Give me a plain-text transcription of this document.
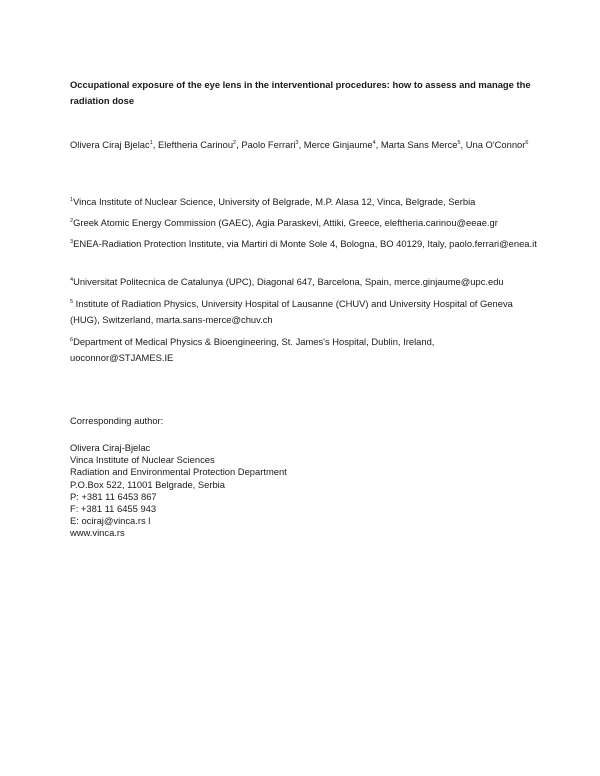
Occupational exposure of the eye lens in the interventional procedures: how to assess and manage the radiation dose
Olivera Ciraj Bjelac$^1$, Eleftheria Carinou$^2$, Paolo Ferrari$^3$, Merce Ginjaume$^4$, Marta Sans Merce$^5$, Una O'Connor$^6$
$^1$Vinca Institute of Nuclear Science, University of Belgrade, M.P. Alasa 12, Vinca, Belgrade, Serbia
$^2$Greek Atomic Energy Commission (GAEC), Agia Paraskevi, Attiki, Greece, eleftheria.carinou@eeae.gr
$^3$ENEA-Radiation Protection Institute, via Martiri di Monte Sole 4, Bologna, BO 40129, Italy, paolo.ferrari@enea.it
$^4$Universitat Politecnica de Catalunya (UPC), Diagonal 647, Barcelona, Spain, merce.ginjaume@upc.edu
$^5$ Institute of Radiation Physics, University Hospital of Lausanne (CHUV) and University Hospital of Geneva (HUG), Switzerland, marta.sans-merce@chuv.ch
$^6$Department of Medical Physics & Bioengineering, St. James's Hospital, Dublin, Ireland, uoconnor@STJAMES.IE
Corresponding author:
Olivera Ciraj-Bjelac
Vinca Institute of Nuclear Sciences
Radiation and Environmental Protection Department
P.O.Box 522, 11001 Belgrade, Serbia
P: +381 11 6453 867
F: +381 11 6455 943
E: ociraj@vinca.rs l
www.vinca.rs
